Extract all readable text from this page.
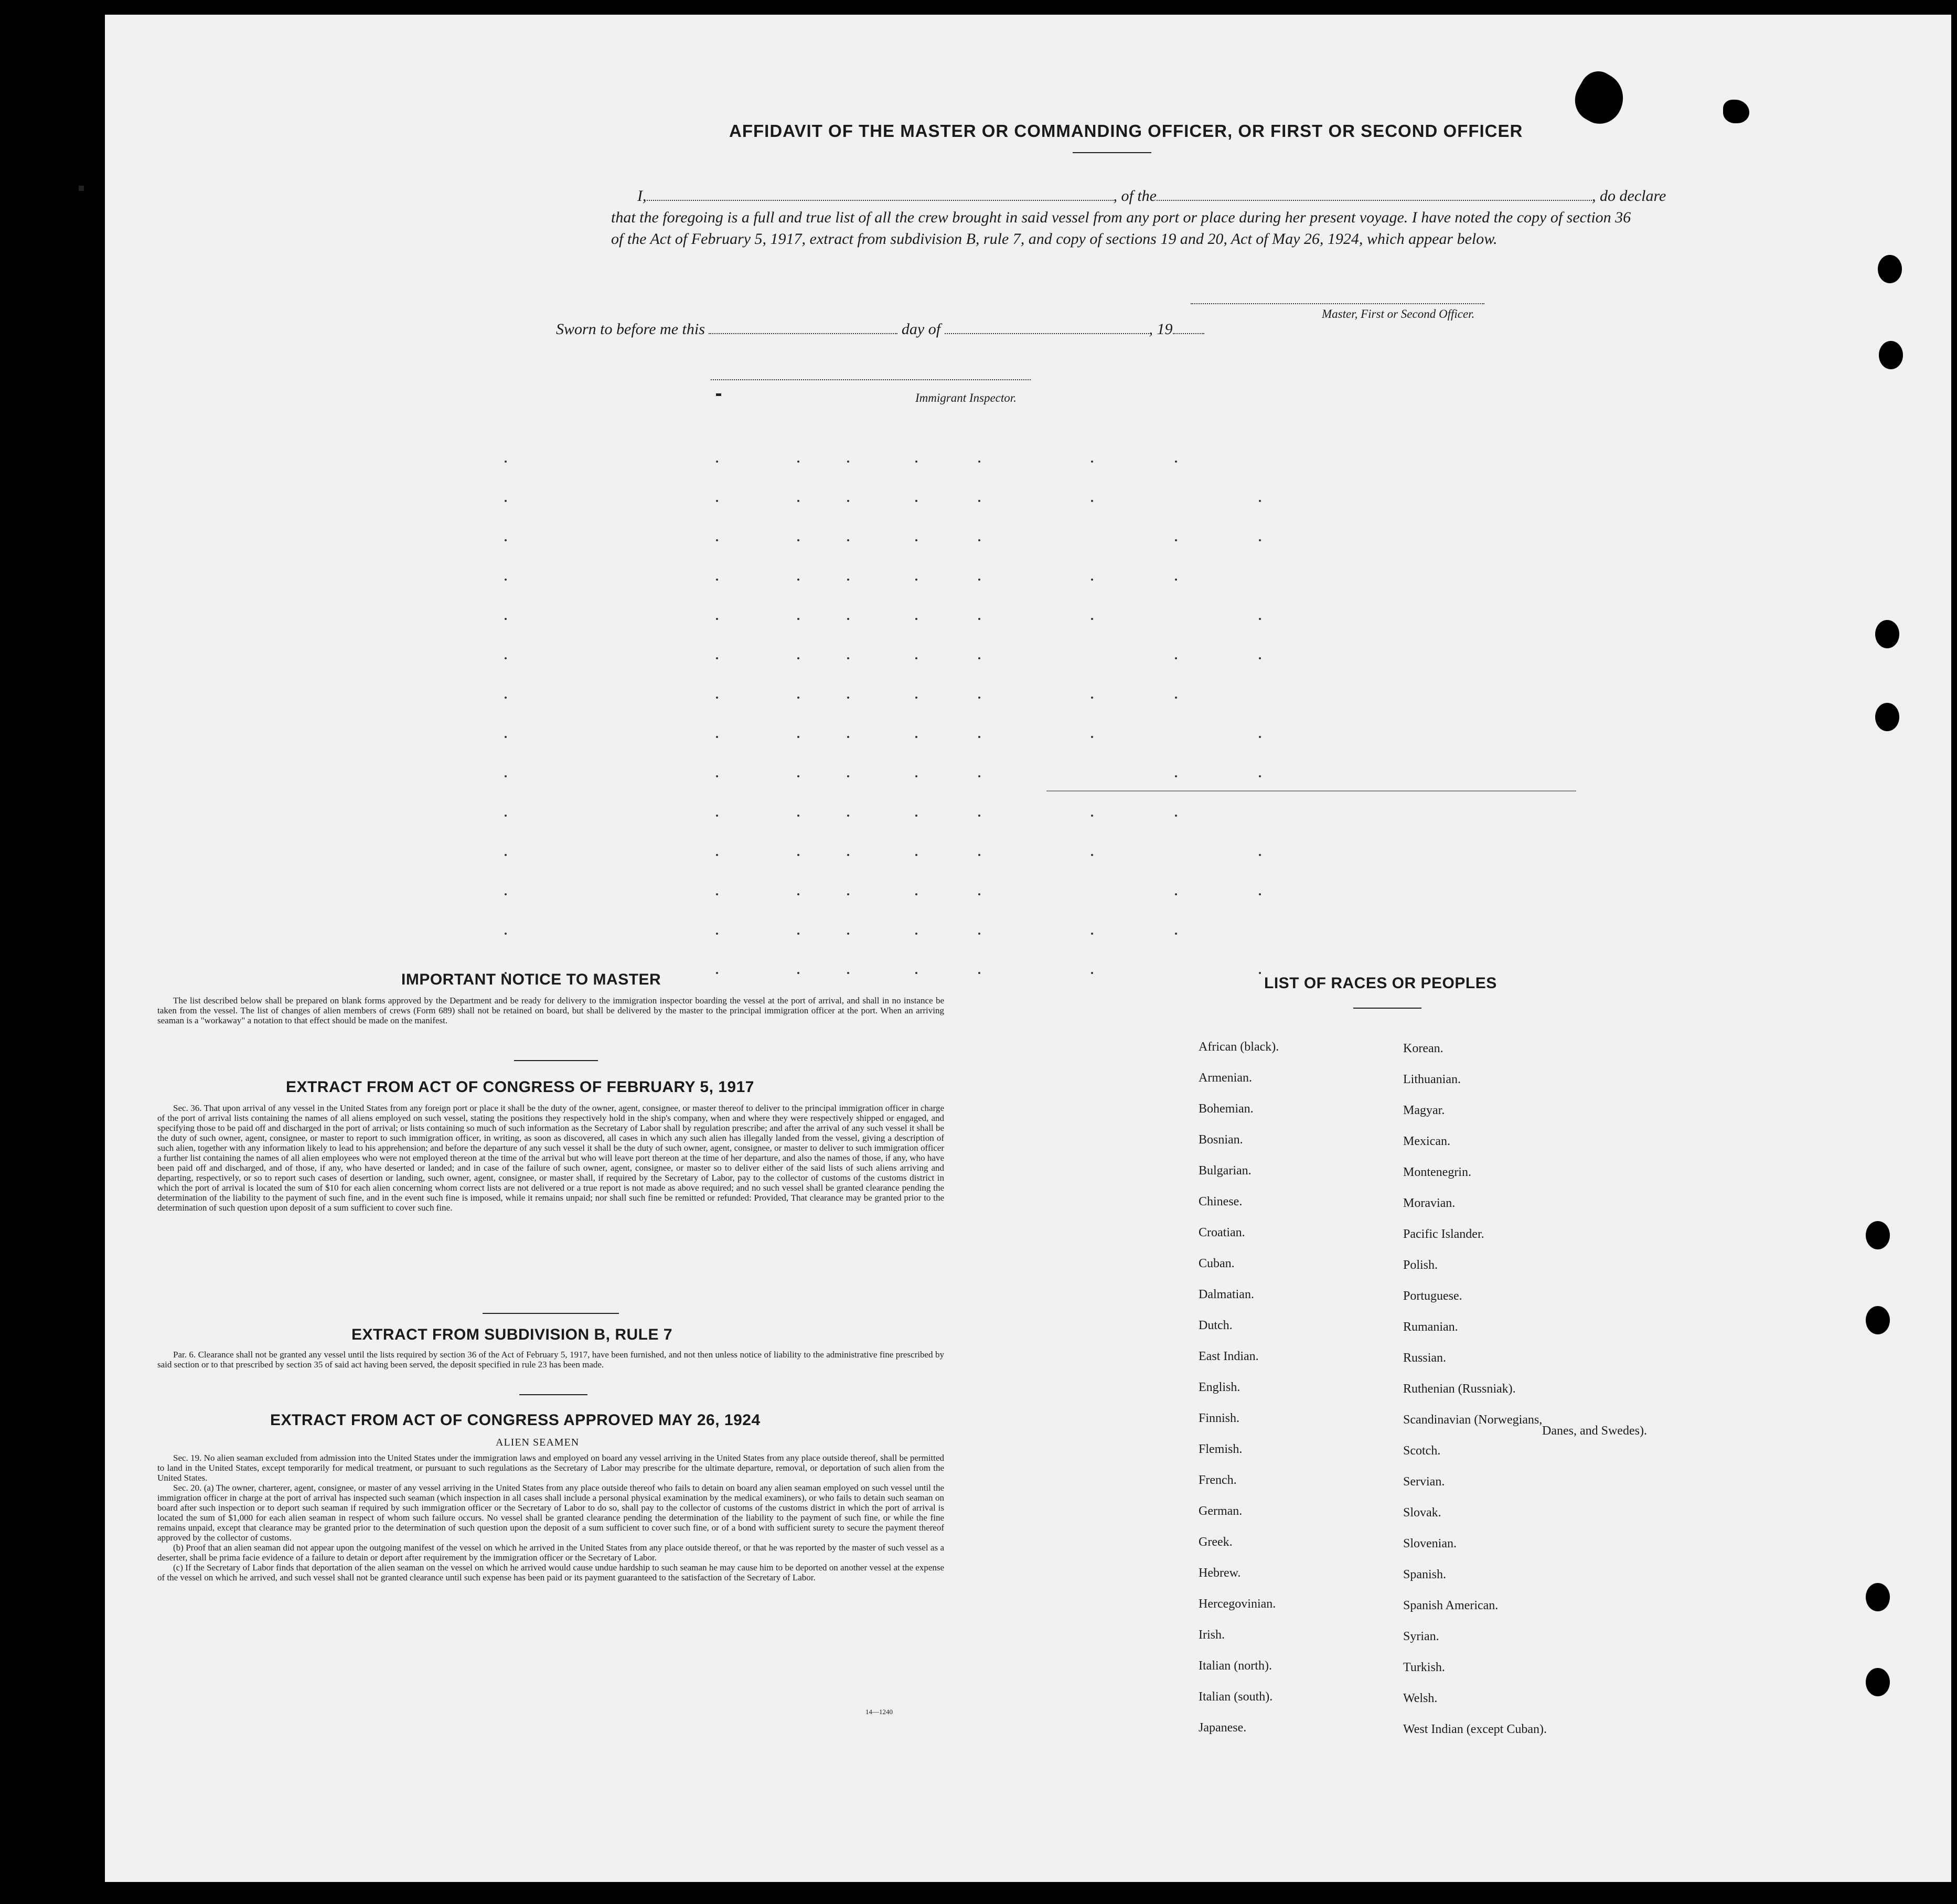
AFFIDAVIT OF THE MASTER OR COMMANDING OFFICER, OR FIRST OR SECOND OFFICER
I,	, of the	, do declare
that the foregoing is a full and true list of all the crew brought in said vessel from any port or place during her present voyage. I have noted the copy of section 36 of the Act of February 5, 1917, extract from subdivision B, rule 7, and copy of sections 19 and 20, Act of May 26, 1924, which appear below.
Master, First or Second Officer.
Sworn to before me this	day of	, 19
Immigrant Inspector.
IMPORTANT NOTICE TO MASTER

The list described below shall be prepared on blank forms approved by the Department and be ready for delivery to the immigration inspector boarding the vessel at the port of arrival, and shall in no instance be taken from the vessel. The list of changes of alien members of crews (Form 689) shall not be retained on board, but shall be delivered by the master to the principal immigration officer at the port. When an arriving seaman is a "workaway" a notation to that effect should be made on the manifest.

EXTRACT FROM ACT OF CONGRESS OF FEBRUARY 5, 1917

Sec. 36. That upon arrival of any vessel in the United States from any foreign port or place it shall be the duty of the owner, agent, consignee, or master thereof to deliver to the principal immigration officer in charge of the port of arrival lists containing the names of all aliens employed on such vessel, stating the positions they respectively hold in the ship's company, when and where they were respectively shipped or engaged, and specifying those to be paid off and discharged in the port of arrival; or lists containing so much of such information as the Secretary of Labor shall by regulation prescribe; and after the arrival of any such vessel it shall be the duty of such owner, agent, consignee, or master to report to such immigration officer, in writing, as soon as discovered, all cases in which any such alien has illegally landed from the vessel, giving a description of such alien, together with any information likely to lead to his apprehension; and before the departure of any such vessel it shall be the duty of such owner, agent, consignee, or master to deliver to such immigration officer a further list containing the names of all alien employees who were not employed thereon at the time of the arrival but who will leave port thereon at the time of her departure, and also the names of those, if any, who have been paid off and discharged, and of those, if any, who have deserted or landed; and in case of the failure of such owner, agent, consignee, or master so to deliver either of the said lists of such aliens arriving and departing, respectively, or so to report such cases of desertion or landing, such owner, agent, consignee, or master shall, if required by the Secretary of Labor, pay to the collector of customs of the customs district in which the port of arrival is located the sum of $10 for each alien concerning whom correct lists are not delivered or a true report is not made as above required; and no such vessel shall be granted clearance pending the determination of the liability to the payment of such fine, and in the event such fine is imposed, while it remains unpaid; nor shall such fine be remitted or refunded: Provided, That clearance may be granted prior to the determination of such question upon deposit of a sum sufficient to cover such fine.

EXTRACT FROM SUBDIVISION B, RULE 7

Par. 6. Clearance shall not be granted any vessel until the lists required by section 36 of the Act of February 5, 1917, have been furnished, and not then unless notice of liability to the administrative fine prescribed by said section or to that prescribed by section 35 of said act having been served, the deposit specified in rule 23 has been made.

EXTRACT FROM ACT OF CONGRESS APPROVED MAY 26, 1924
ALIEN SEAMEN

Sec. 19. No alien seaman excluded from admission into the United States under the immigration laws and employed on board any vessel arriving in the United States from any place outside thereof, shall be permitted to land in the United States, except temporarily for medical treatment, or pursuant to such regulations as the Secretary of Labor may prescribe for the ultimate departure, removal, or deportation of such alien from the United States.

Sec. 20. (a) The owner, charterer, agent, consignee, or master of any vessel arriving in the United States from any place outside thereof who fails to detain on board any alien seaman employed on such vessel until the immigration officer in charge at the port of arrival has inspected such seaman (which inspection in all cases shall include a personal physical examination by the medical examiners), or who fails to detain such seaman on board after such inspection or to deport such seaman if required by such immigration officer or the Secretary of Labor to do so, shall pay to the collector of customs of the customs district in which the port of arrival is located the sum of $1,000 for each alien seaman in respect of whom such failure occurs. No vessel shall be granted clearance pending the determination of the liability to the payment of such fine, or while the fine remains unpaid, except that clearance may be granted prior to the determination of such question upon the deposit of a sum sufficient to cover such fine, or of a bond with sufficient surety to secure the payment thereof approved by the collector of customs.

(b) Proof that an alien seaman did not appear upon the outgoing manifest of the vessel on which he arrived in the United States from any place outside thereof, or that he was reported by the master of such vessel as a deserter, shall be prima facie evidence of a failure to detain or deport after requirement by the immigration officer or the Secretary of Labor.

(c) If the Secretary of Labor finds that deportation of the alien seaman on the vessel on which he arrived would cause undue hardship to such seaman he may cause him to be deported on another vessel at the expense of the vessel on which he arrived, and such vessel shall not be granted clearance until such expense has been paid or its payment guaranteed to the satisfaction of the Secretary of Labor.

14—1240
LIST OF RACES OR PEOPLES
African (black).
Armenian.
Bohemian.
Bosnian.
Bulgarian.
Chinese.
Croatian.
Cuban.
Dalmatian.
Dutch.
East Indian.
English.
Finnish.
Flemish.
French.
German.
Greek.
Hebrew.
Hercegovinian.
Irish.
Italian (north).
Italian (south).
Japanese.
Korean.
Lithuanian.
Magyar.
Mexican.
Montenegrin.
Moravian.
Pacific Islander.
Polish.
Portuguese.
Rumanian.
Russian.
Ruthenian (Russniak).
Scandinavian (Norwegians,
Scotch.
Servian.
Slovak.
Slovenian.
Spanish.
Spanish American.
Syrian.
Turkish.
Welsh.
West Indian (except Cuban).
Danes, and Swedes).
